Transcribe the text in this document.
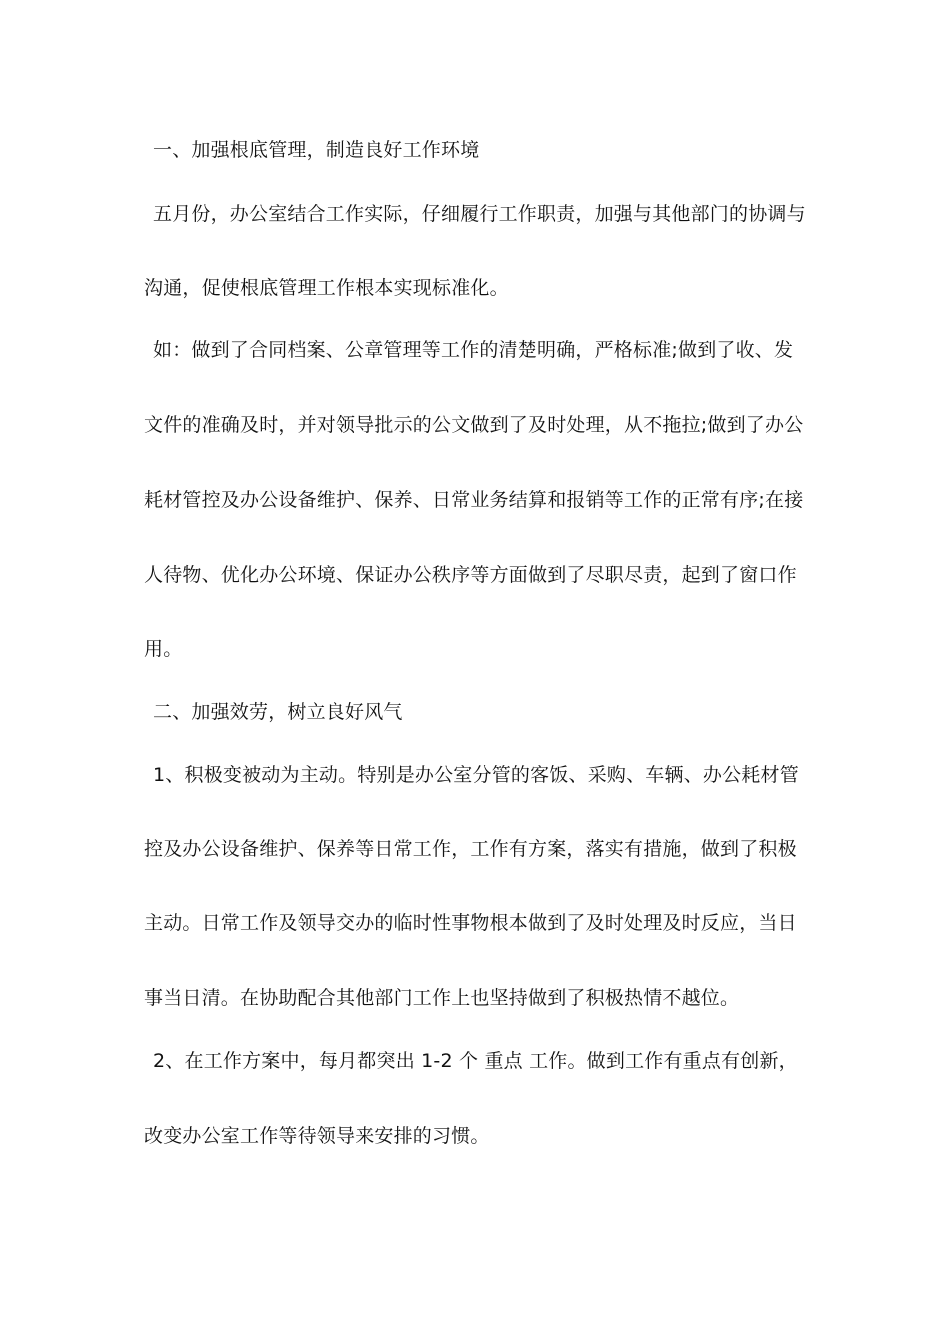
一、加强根底管理，制造良好工作环境
五月份，办公室结合工作实际，仔细履行工作职责，加强与其他部门的协调与
沟通，促使根底管理工作根本实现标准化。
如：做到了合同档案、公章管理等工作的清楚明确，严格标准;做到了收、发
文件的准确及时，并对领导批示的公文做到了及时处理，从不拖拉;做到了办公
耗材管控及办公设备维护、保养、日常业务结算和报销等工作的正常有序;在接
人待物、优化办公环境、保证办公秩序等方面做到了尽职尽责，起到了窗口作
用。
二、加强效劳，树立良好风气
1、积极变被动为主动。特别是办公室分管的客饭、采购、车辆、办公耗材管
控及办公设备维护、保养等日常工作，工作有方案，落实有措施，做到了积极
主动。日常工作及领导交办的临时性事物根本做到了及时处理及时反应，当日
事当日清。在协助配合其他部门工作上也坚持做到了积极热情不越位。
2、在工作方案中，每月都突出 1-2 个 重点 工作。做到工作有重点有创新，
改变办公室工作等待领导来安排的习惯。
